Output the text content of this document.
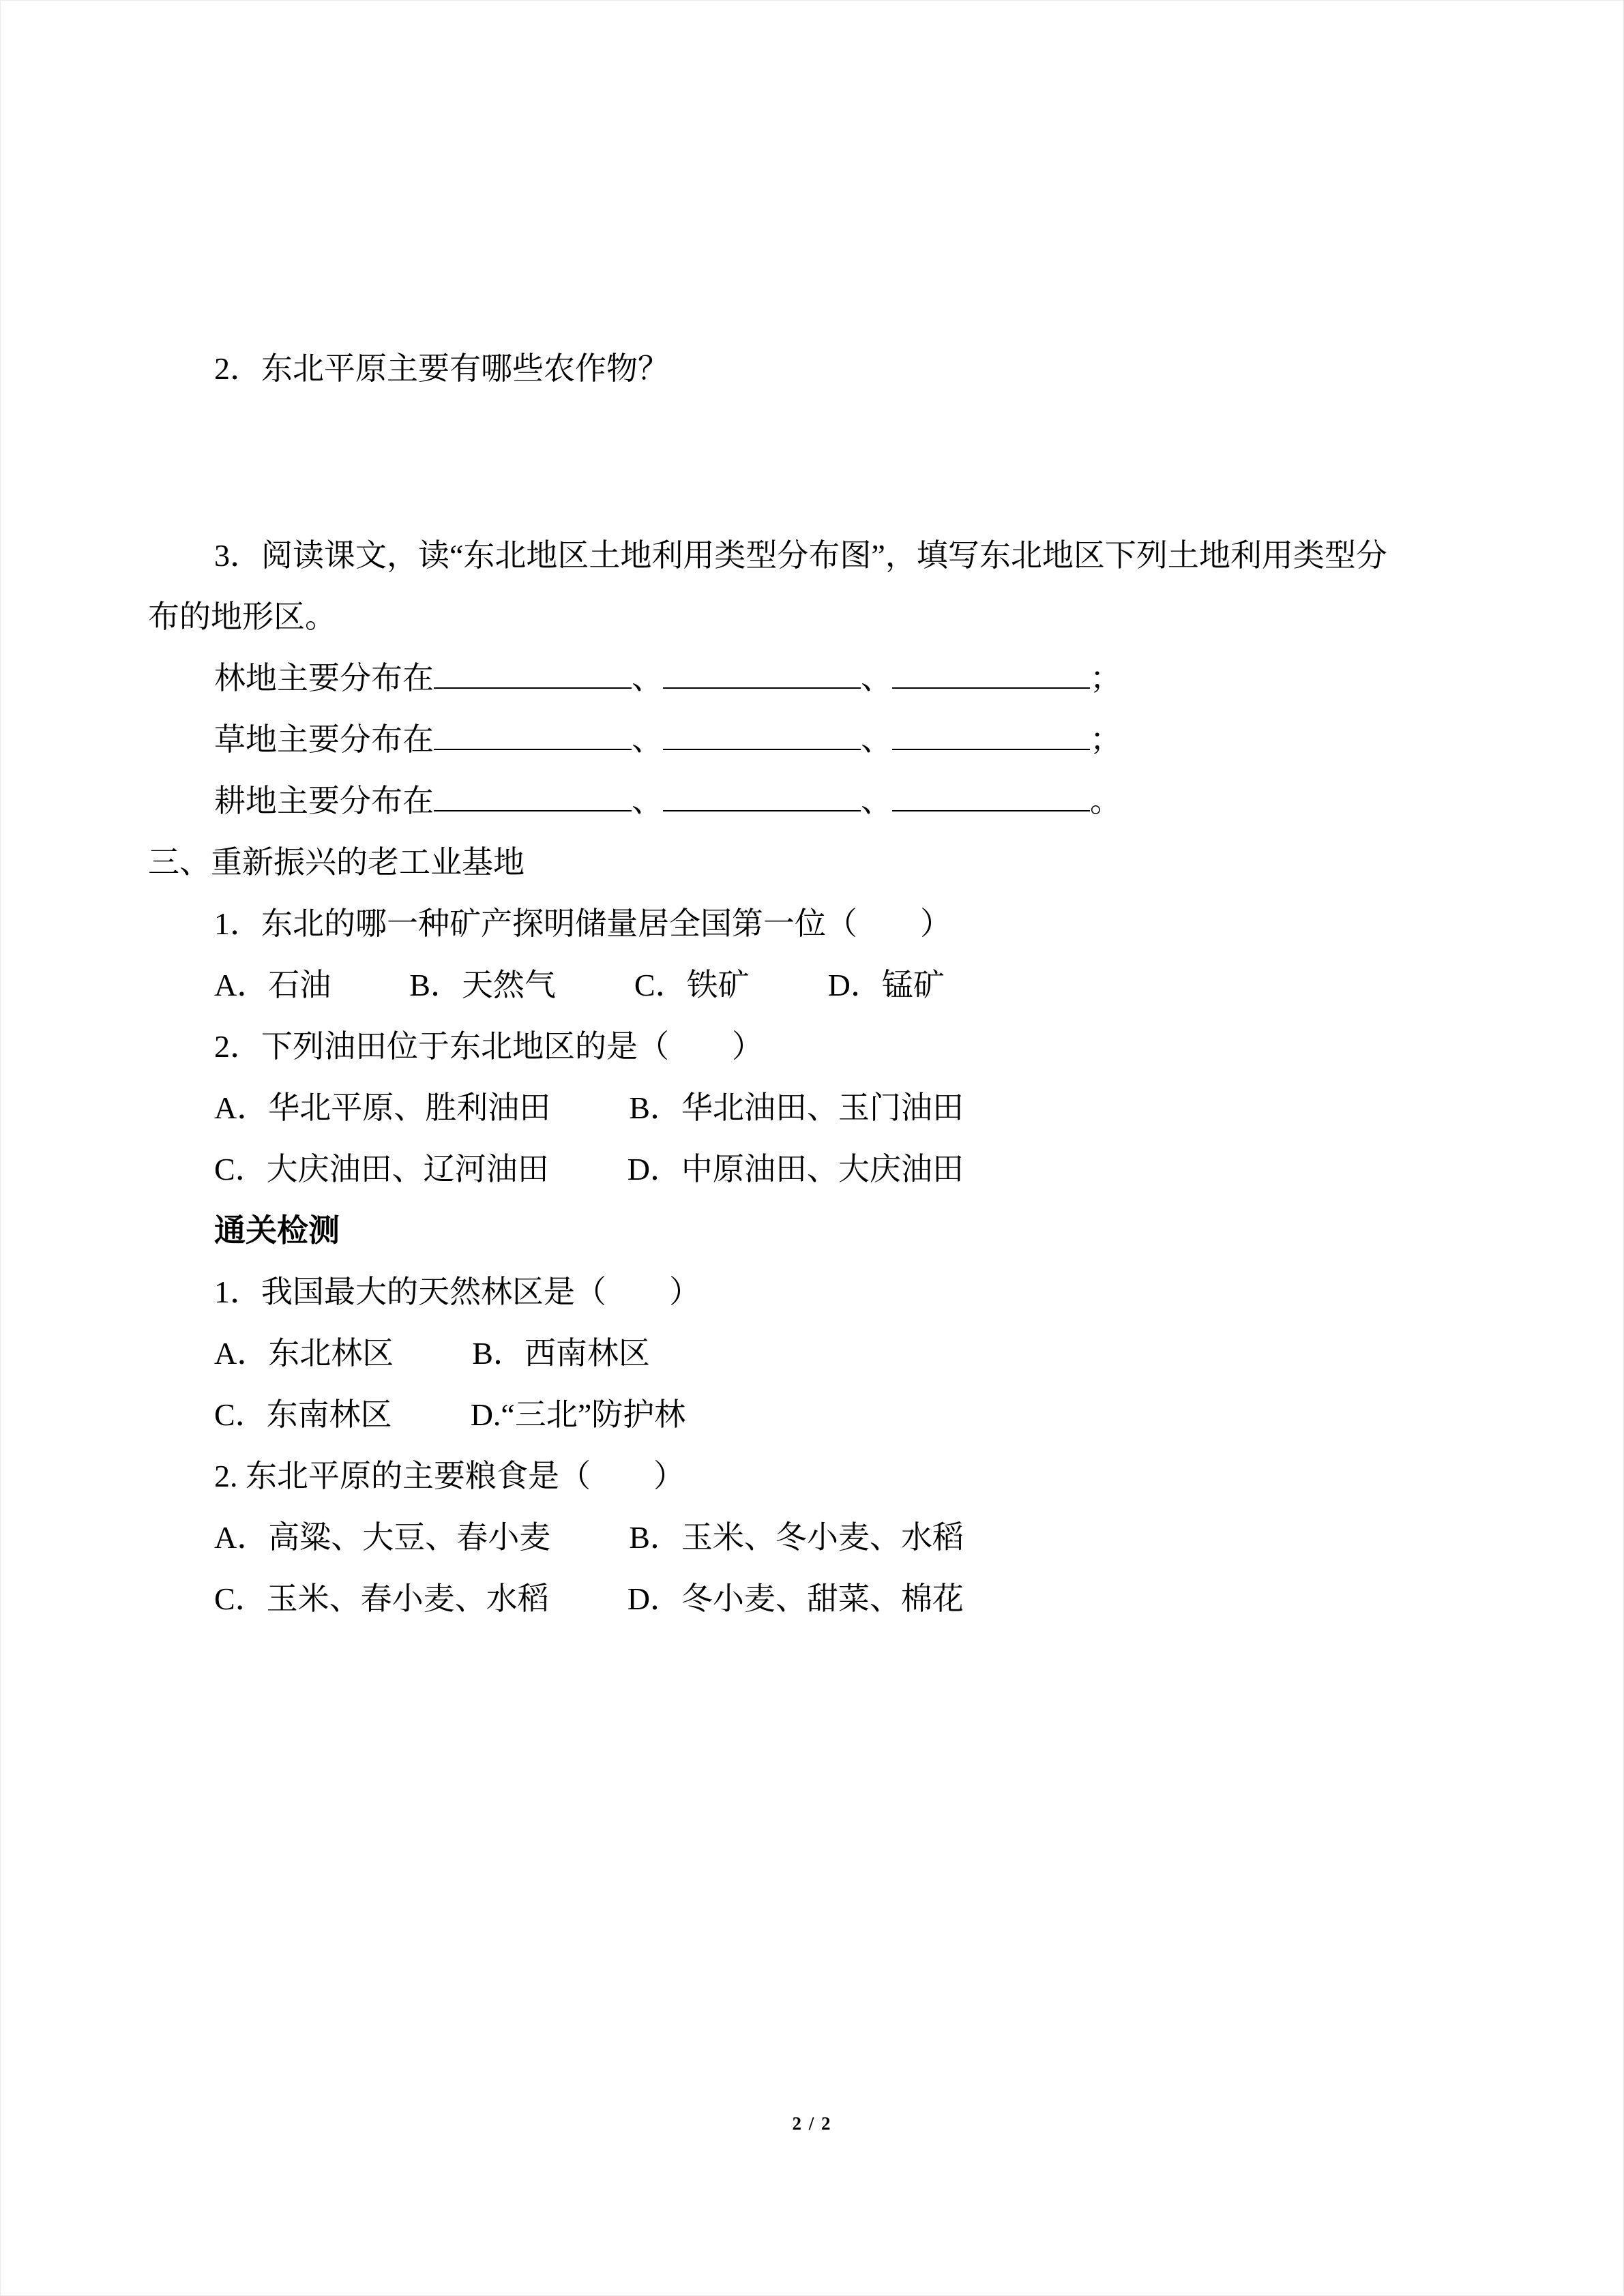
2．东北平原主要有哪些农作物？

3．阅读课文，读“东北地区土地利用类型分布图”，填写东北地区下列土地利用类型分

布的地形区。

林地主要分布在	、	、	；

草地主要分布在	、	、	；

耕地主要分布在	、	、	。

三、重新振兴的老工业基地

1．东北的哪一种矿产探明储量居全国第一位（　　）

A．石油	B．天然气	C．铁矿	D．锰矿

2．下列油田位于东北地区的是（　　）

A．华北平原、胜利油田	B．华北油田、玉门油田

C．大庆油田、辽河油田	D．中原油田、大庆油田

通关检测

1．我国最大的天然林区是（　　）

A．东北林区	B．西南林区

C．东南林区	D.“三北”防护林

2. 东北平原的主要粮食是（　　）

A．高粱、大豆、春小麦	B．玉米、冬小麦、水稻

C．玉米、春小麦、水稻	D．冬小麦、甜菜、棉花

2 / 2
